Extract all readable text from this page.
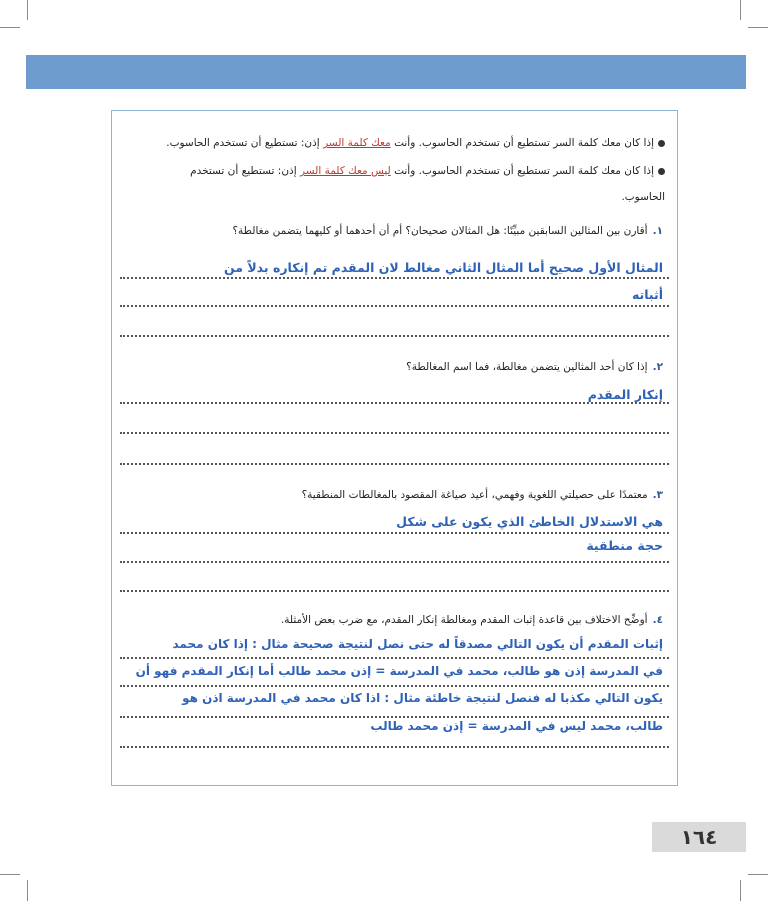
إذا كان معك كلمة السر تستطيع أن تستخدم الحاسوب. وأنت معك كلمة السر إذن: تستطيع أن تستخدم الحاسوب.
إذا كان معك كلمة السر تستطيع أن تستخدم الحاسوب. وأنت ليس معك كلمة السر إذن: تستطيع أن تستخدم
الحاسوب.
١.أقارن بين المثالين السابقين مبيِّنًا: هل المثالان صحيحان؟ أم أن أحدهما أو كليهما يتضمن مغالطة؟
المثال الأول صحيح أما المثال الثاني مغالط لان المقدم تم إنكاره بدلاً من
أثباته
٢.إذا كان أحد المثالين يتضمن مغالطة، فما اسم المغالطة؟
إنكار المقدم
٣.معتمدًا على حصيلتي اللغوية وفهمي، أعيد صياغة المقصود بالمغالطات المنطقية؟
هي الاستدلال الخاطئ الذي يكون على شكل
حجة منطقية
٤.أوضِّح الاختلاف بين قاعدة إثبات المقدم ومغالطة إنكار المقدم، مع ضرب بعض الأمثلة.
إثبات المقدم أن يكون التالي مصدقاً له حتى نصل لنتيجة صحيحة مثال : إذا كان محمد
في المدرسة إذن هو طالب، محمد في المدرسة = إذن محمد طالب أما إنكار المقدم فهو أن
يكون التالي مكذبا له فنصل لنتيجة خاطئة مثال : اذا كان محمد في المدرسة اذن هو
طالب، محمد ليس في المدرسة = إذن محمد طالب
١٦٤
